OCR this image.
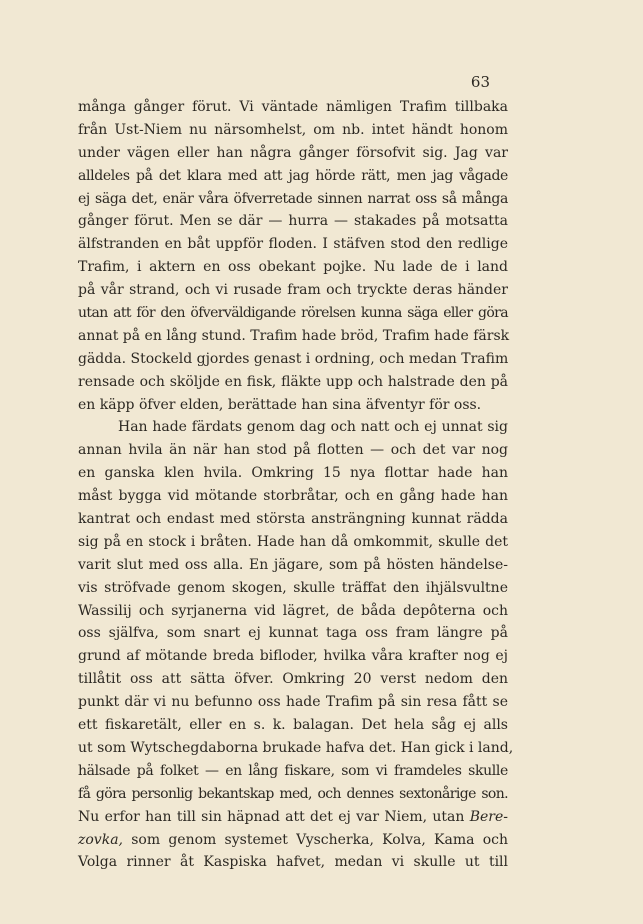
63
många gånger förut. Vi väntade nämligen Trafim tillbaka
från Ust-Niem nu närsomhelst, om nb. intet händt honom
under vägen eller han några gånger försofvit sig. Jag var
alldeles på det klara med att jag hörde rätt, men jag vågade
ej säga det, enär våra öfverretade sinnen narrat oss så många
gånger förut. Men se där — hurra — stakades på motsatta
älfstranden en båt uppför floden. I stäfven stod den redlige
Trafim, i aktern en oss obekant pojke. Nu lade de i land
på vår strand, och vi rusade fram och tryckte deras händer
utan att för den öfverväldigande rörelsen kunna säga eller göra
annat på en lång stund. Trafim hade bröd, Trafim hade färsk
gädda. Stockeld gjordes genast i ordning, och medan Trafim
rensade och sköljde en fisk, fläkte upp och halstrade den på
en käpp öfver elden, berättade han sina äfventyr för oss.
Han hade färdats genom dag och natt och ej unnat sig
annan hvila än när han stod på flotten — och det var nog
en ganska klen hvila. Omkring 15 nya flottar hade han
måst bygga vid mötande storbråtar, och en gång hade han
kantrat och endast med största ansträngning kunnat rädda
sig på en stock i bråten. Hade han då omkommit, skulle det
varit slut med oss alla. En jägare, som på hösten händelse-
vis ströfvade genom skogen, skulle träffat den ihjälsvultne
Wassilij och syrjanerna vid lägret, de båda depôterna och
oss själfva, som snart ej kunnat taga oss fram längre på
grund af mötande breda bifloder, hvilka våra krafter nog ej
tillåtit oss att sätta öfver. Omkring 20 verst nedom den
punkt där vi nu befunno oss hade Trafim på sin resa fått se
ett fiskaretält, eller en s. k. balagan. Det hela såg ej alls
ut som Wytschegdaborna brukade hafva det. Han gick i land,
hälsade på folket — en lång fiskare, som vi framdeles skulle
få göra personlig bekantskap med, och dennes sextonårige son.
Nu erfor han till sin häpnad att det ej var Niem, utan Bere-
zovka, som genom systemet Vyscherka, Kolva, Kama och
Volga rinner åt Kaspiska hafvet, medan vi skulle ut till
